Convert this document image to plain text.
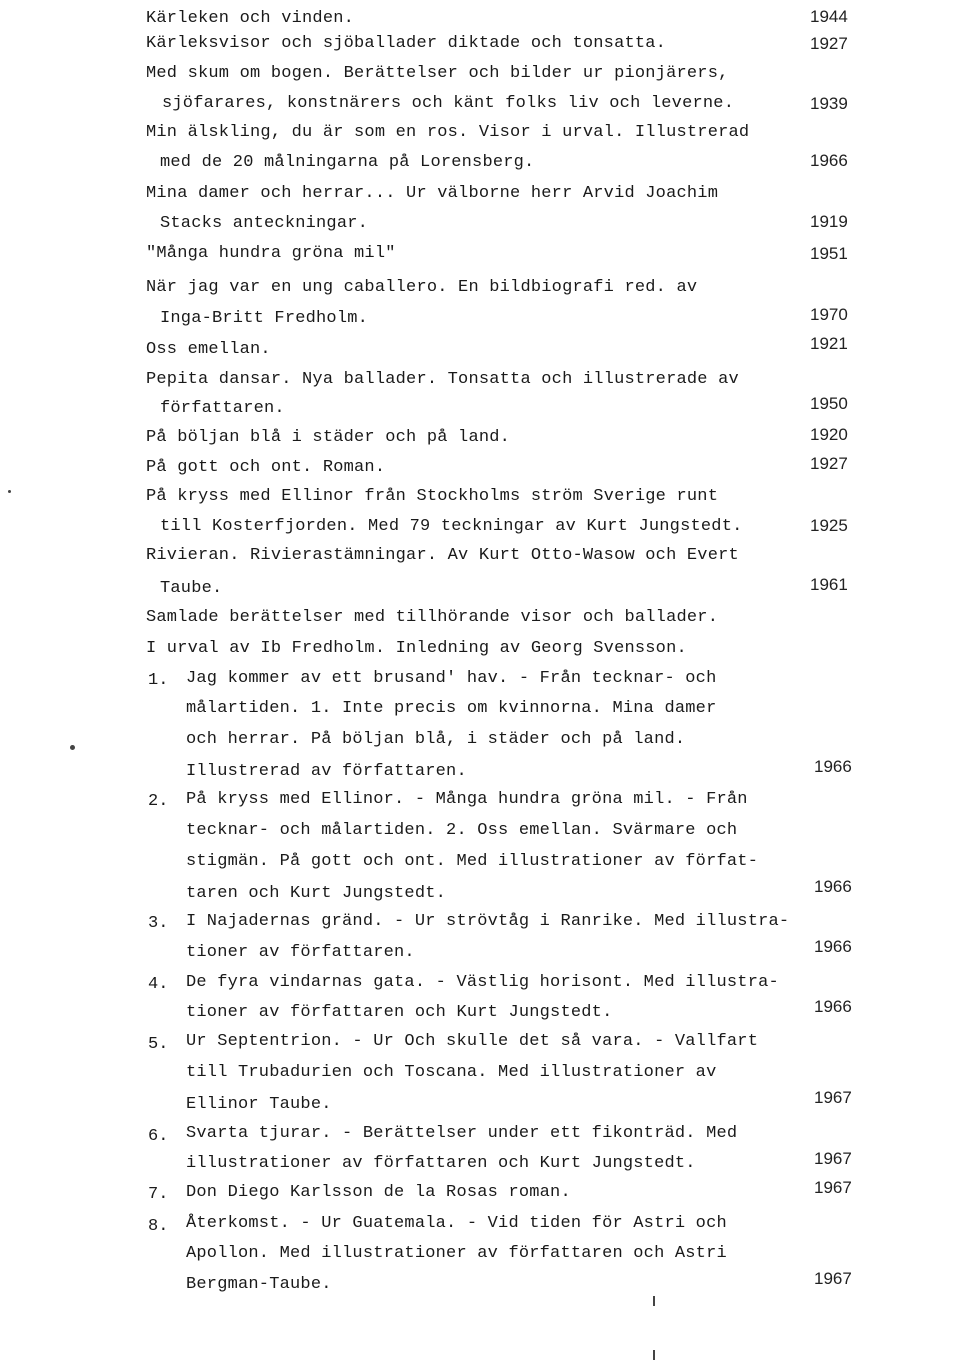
Kärleken och vinden.	1944
Kärleksvisor och sjöballader diktade och tonsatta.	1927
Med skum om bogen. Berättelser och bilder ur pionjärers,
sjöfarares, konstnärers och känt folks liv och leverne.	1939
Min älskling, du är som en ros. Visor i urval. Illustrerad
med de 20 målningarna på Lorensberg.	1966
Mina damer och herrar... Ur välborne herr Arvid Joachim
Stacks anteckningar.	1919
"Många hundra gröna mil"	1951
När jag var en ung caballero. En bildbiografi red. av
Inga-Britt Fredholm.	1970
Oss emellan.	1921
Pepita dansar. Nya ballader. Tonsatta och illustrerade av
författaren.	1950
På böljan blå i städer och på land.	1920
På gott och ont. Roman.	1927
På kryss med Ellinor från Stockholms ström Sverige runt
till Kosterfjorden. Med 79 teckningar av Kurt Jungstedt.	1925
Rivieran. Rivierastämningar. Av Kurt Otto-Wasow och Evert
Taube.	1961
Samlade berättelser med tillhörande visor och ballader.
I urval av Ib Fredholm. Inledning av Georg Svensson.
1. Jag kommer av ett brusand' hav. - Från tecknar- och
målartiden. 1. Inte precis om kvinnorna. Mina damer
och herrar. På böljan blå, i städer och på land.
Illustrerad av författaren.	1966
2. På kryss med Ellinor. - Många hundra gröna mil. - Från
tecknar- och målartiden. 2. Oss emellan. Svärmare och
stigmän. På gott och ont. Med illustrationer av förfat-
taren och Kurt Jungstedt.	1966
3. I Najadernas gränd. - Ur strövtåg i Ranrike. Med illustra-
tioner av författaren.	1966
4. De fyra vindarnas gata. - Västlig horisont. Med illustra-
tioner av författaren och Kurt Jungstedt.	1966
5. Ur Septentrion. - Ur Och skulle det så vara. - Vallfart
till Trubadurien och Toscana. Med illustrationer av
Ellinor Taube.	1967
6. Svarta tjurar. - Berättelser under ett fikonträd. Med
illustrationer av författaren och Kurt Jungstedt.	1967
7. Don Diego Karlsson de la Rosas roman.	1967
8. Återkomst. - Ur Guatemala. - Vid tiden för Astri och
Apollon. Med illustrationer av författaren och Astri
Bergman-Taube.	1967
